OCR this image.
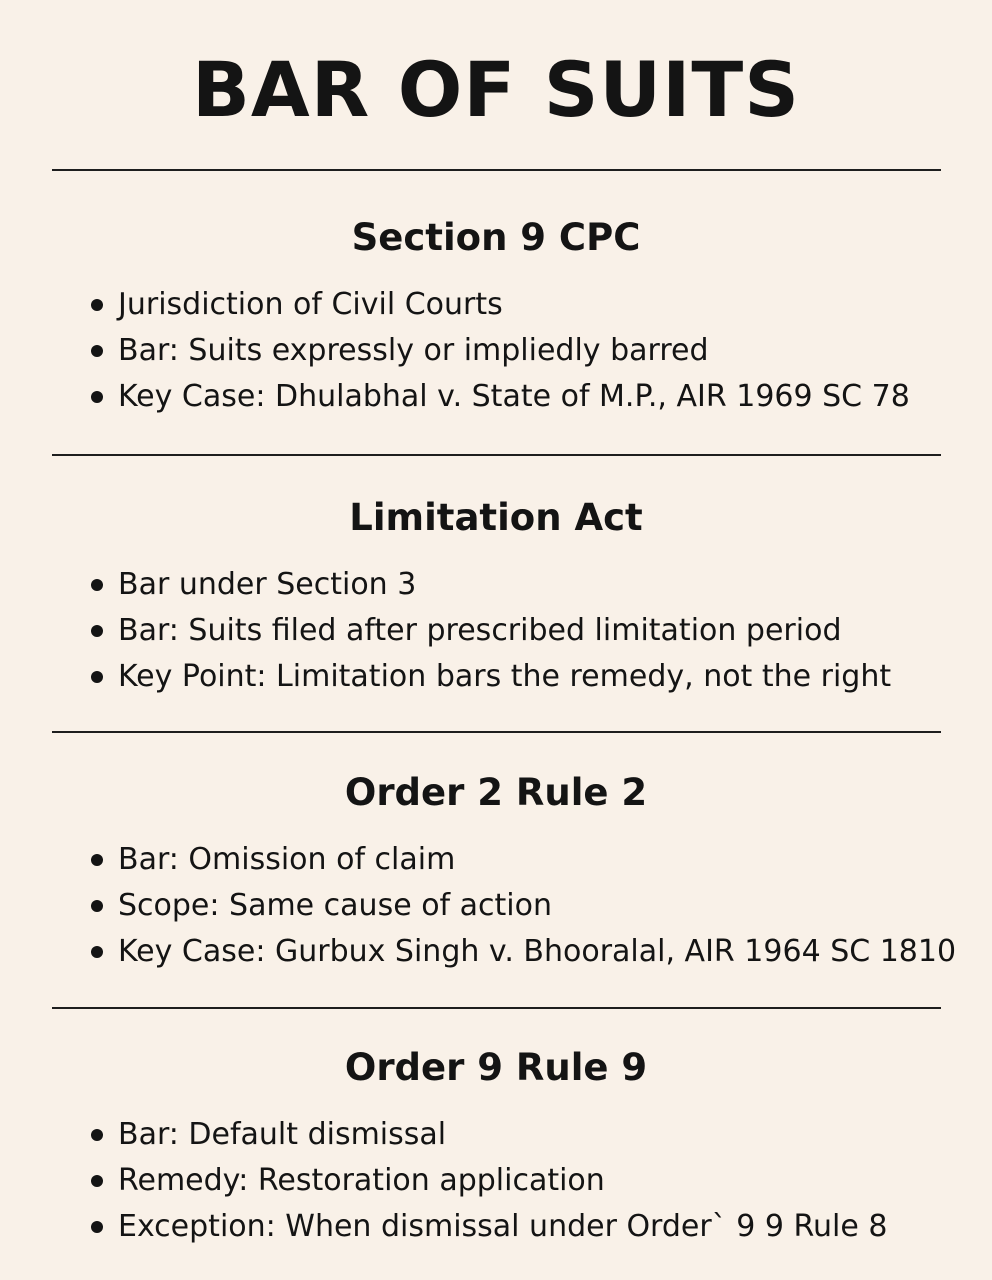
BAR OF SUITS
Section 9 CPC
Jurisdiction of Civil Courts
Bar: Suits expressly or impliedly barred
Key Case: Dhulabhal v. State of M.P., AIR 1969 SC 78
Limitation Act
Bar under Section 3
Bar: Suits filed after prescribed limitation period
Key Point: Limitation bars the remedy, not the right
Order 2 Rule 2
Bar: Omission of claim
Scope: Same cause of action
Key Case: Gurbux Singh v. Bhooralal, AIR 1964 SC 1810
Order 9 Rule 9
Bar: Default dismissal
Remedy: Restoration application
Exception: When dismissal under Orderˋ 9 9 Rule 8
